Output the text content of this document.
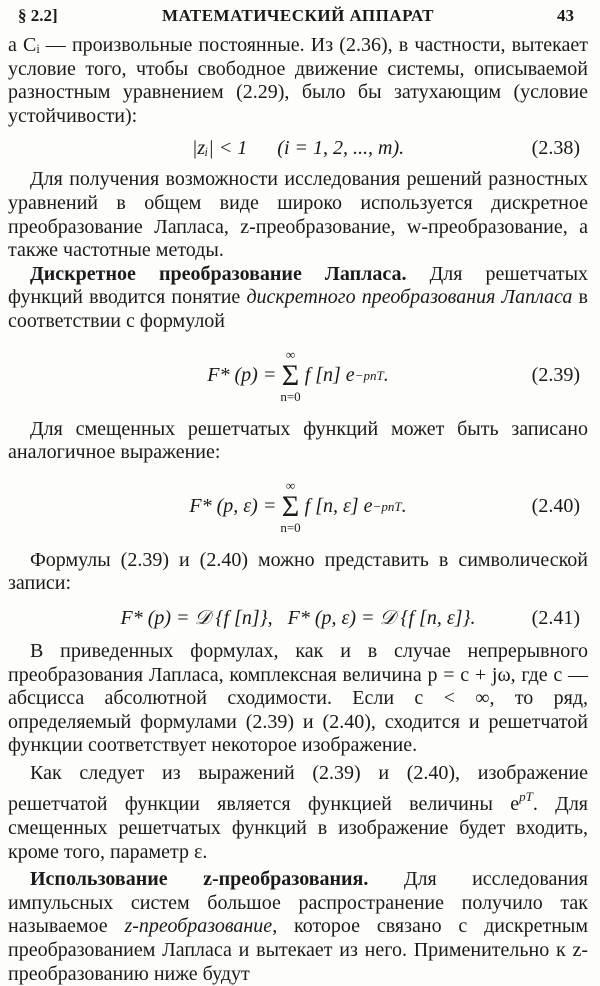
§ 2.2]	МАТЕМАТИЧЕСКИЙ АППАРАТ	43

а Cᵢ — произвольные постоянные. Из (2.36), в частности, вытекает условие того, чтобы свободное движение системы, описываемой разностным уравнением (2.29), было бы затухающим (условие устойчивости):

|zᵢ| < 1      (i = 1, 2, ..., m).	(2.38)

Для получения возможности исследования решений разностных уравнений в общем виде широко используется дискретное преобразование Лапласа, z-преобразование, w-преобразование, а также частотные методы.

Дискретное преобразование Лапласа. Для решетчатых функций вводится понятие дискретного преобразования Лапласа в соответствии с формулой

F* (p) =
∞
Σ
n=0
f [n] e −pnT .	(2.39)

Для смещенных решетчатых функций может быть записано аналогичное выражение:

F* (p, ε) =
∞
Σ
n=0
f [n, ε] e −pnT .	(2.40)

Формулы (2.39) и (2.40) можно представить в символической записи:

F* (p) = 𝒟 {f [n]},   F* (p, ε) = 𝒟 {f [n, ε]}.	(2.41)

В приведенных формулах, как и в случае непрерывного преобразования Лапласа, комплексная величина p = c + jω, где c — абсцисса абсолютной сходимости. Если c < ∞, то ряд, определяемый формулами (2.39) и (2.40), сходится и решетчатой функции соответствует некоторое изображение.

Как следует из выражений (2.39) и (2.40), изображение решетчатой функции является функцией величины $e^{pT}$. Для смещенных решетчатых функций в изображение будет входить, кроме того, параметр ε.

Использование z-преобразования. Для исследования импульсных систем большое распространение получило так называемое z-преобразование, которое связано с дискретным преобразованием Лапласа и вытекает из него. Применительно к z-преобразованию ниже будут
